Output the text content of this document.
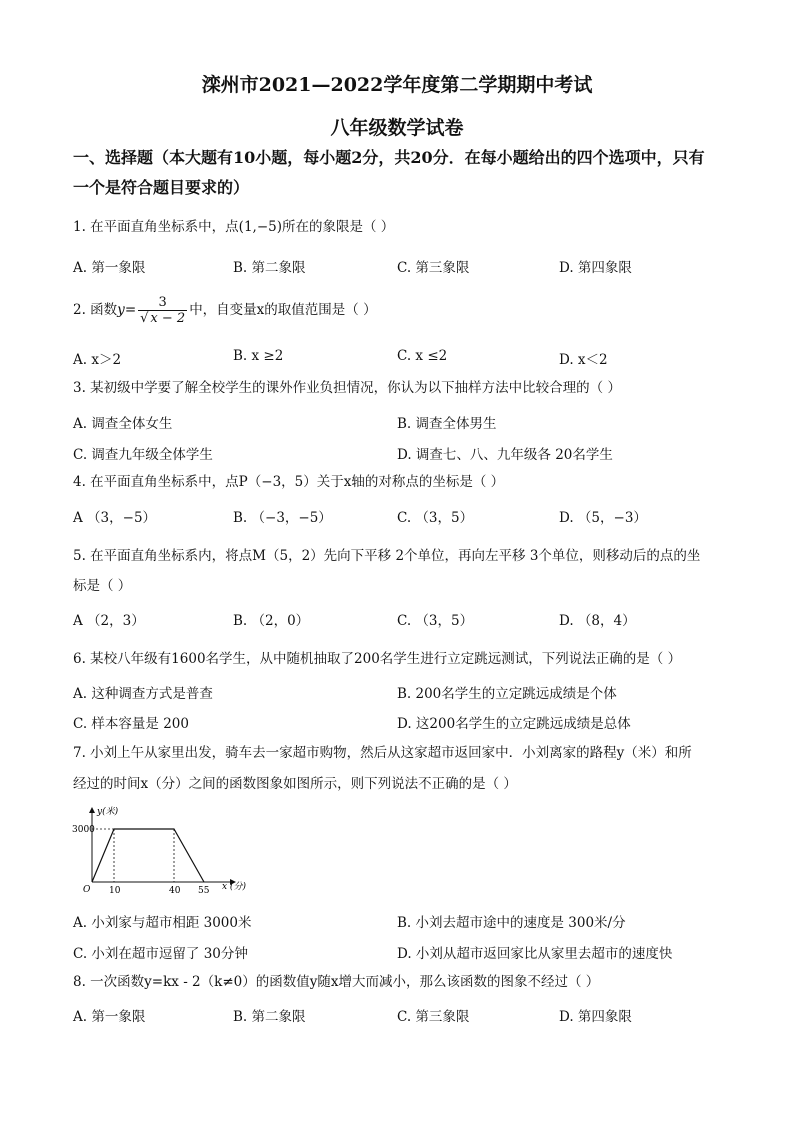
滦州市2021—2022学年度第二学期期中考试
八年级数学试卷
一、选择题（本大题有10小题，每小题2分，共20分．在每小题给出的四个选项中，只有
一个是符合题目要求的）
1. 在平面直角坐标系中，点(1,−5)所在的象限是（ ）
A. 第一象限	B. 第二象限	C. 第三象限	D. 第四象限
2. 函数$y= \frac{3}{√ x - 2}$ 中，自变量x的取值范围是（ ）
A. x＞2	B. x ≥2	C. x ≤2	D. x＜2
3. 某初级中学要了解全校学生的课外作业负担情况，你认为以下抽样方法中比较合理的（ ）
A. 调查全体女生	B. 调查全体男生
C. 调查九年级全体学生	D. 调查七、八、九年级各 20名学生
4. 在平面直角坐标系中，点P（−3，5）关于x轴的对称点的坐标是（ ）
A （3，−5）	B. （−3，−5）	C. （3，5）	D. （5，−3）
5. 在平面直角坐标系内，将点M（5，2）先向下平移 2个单位，再向左平移 3个单位，则移动后的点的坐
标是（ ）
A （2，3）	B. （2，0）	C. （3，5）	D. （8，4）
6. 某校八年级有1600名学生，从中随机抽取了200名学生进行立定跳远测试，下列说法正确的是（ ）
A. 这种调查方式是普查	B. 200名学生的立定跳远成绩是个体
C. 样本容量是 200	D. 这200名学生的立定跳远成绩是总体
7. 小刘上午从家里出发，骑车去一家超市购物，然后从这家超市返回家中．小刘离家的路程y（米）和所
经过的时间x（分）之间的函数图象如图所示，则下列说法不正确的是（ ）
y(米)
3000
O 10	40 55 x (分)
A. 小刘家与超市相距 3000米	B. 小刘去超市途中的速度是 300米/分
C. 小刘在超市逗留了 30分钟	D. 小刘从超市返回家比从家里去超市的速度快
8. 一次函数y=kx - 2（k≠0）的函数值y随x增大而减小，那么该函数的图象不经过（ ）
A. 第一象限	B. 第二象限	C. 第三象限	D. 第四象限
